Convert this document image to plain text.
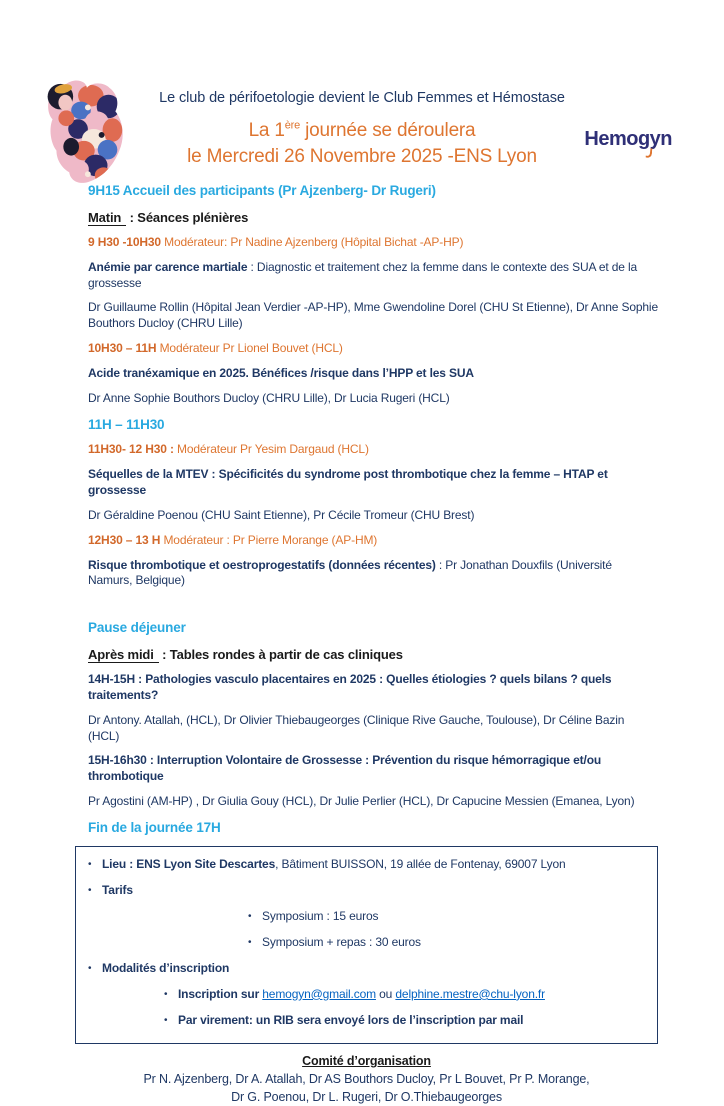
Le club de périfoetologie devient le Club Femmes et Hémostase
La 1ère journée se déroulera
le Mercredi 26 Novembre 2025 -ENS Lyon
Hemogyn
9H15 Accueil des participants (Pr Ajzenberg- Dr Rugeri)
Matin : Séances plénières
9 H30 -10H30 Modérateur: Pr Nadine Ajzenberg (Hôpital Bichat -AP-HP)
Anémie par carence martiale : Diagnostic et traitement chez la femme dans le contexte des SUA et de la grossesse
Dr Guillaume Rollin (Hôpital Jean Verdier -AP-HP), Mme Gwendoline Dorel (CHU St Etienne), Dr Anne Sophie Bouthors Ducloy (CHRU Lille)
10H30 – 11H Modérateur Pr Lionel Bouvet (HCL)
Acide tranéxamique en 2025. Bénéfices /risque dans l’HPP et les SUA
Dr Anne Sophie Bouthors Ducloy (CHRU Lille), Dr Lucia Rugeri (HCL)
11H – 11H30
11H30- 12 H30 : Modérateur Pr Yesim Dargaud (HCL)
Séquelles de la MTEV : Spécificités du syndrome post thrombotique chez la femme – HTAP et grossesse
Dr Géraldine Poenou (CHU Saint Etienne), Pr Cécile Tromeur (CHU Brest)
12H30 – 13 H Modérateur : Pr Pierre Morange (AP-HM)
Risque thrombotique et oestroprogestatifs (données récentes) : Pr Jonathan Douxfils (Université Namurs, Belgique)
Pause déjeuner
Après midi : Tables rondes à partir de cas cliniques
14H-15H : Pathologies vasculo placentaires en 2025 : Quelles étiologies ? quels bilans ? quels traitements?
Dr Antony. Atallah, (HCL), Dr Olivier Thiebaugeorges (Clinique Rive Gauche, Toulouse), Dr Céline Bazin (HCL)
15H-16h30 : Interruption Volontaire de Grossesse : Prévention du risque hémorragique et/ou thrombotique
Pr Agostini (AM-HP) , Dr Giulia Gouy (HCL), Dr Julie Perlier (HCL), Dr Capucine Messien (Emanea, Lyon)
Fin de la journée 17H
• Lieu : ENS Lyon Site Descartes, Bâtiment BUISSON, 19 allée de Fontenay, 69007 Lyon
• Tarifs
• Symposium : 15 euros
• Symposium + repas : 30 euros
• Modalités d’inscription
• Inscription sur hemogyn@gmail.com ou delphine.mestre@chu-lyon.fr
• Par virement: un RIB sera envoyé lors de l’inscription par mail
Comité d’organisation
Pr N. Ajzenberg, Dr A. Atallah, Dr AS Bouthors Ducloy, Pr L Bouvet, Pr P. Morange,
Dr G. Poenou, Dr L. Rugeri, Dr O.Thiebaugeorges
